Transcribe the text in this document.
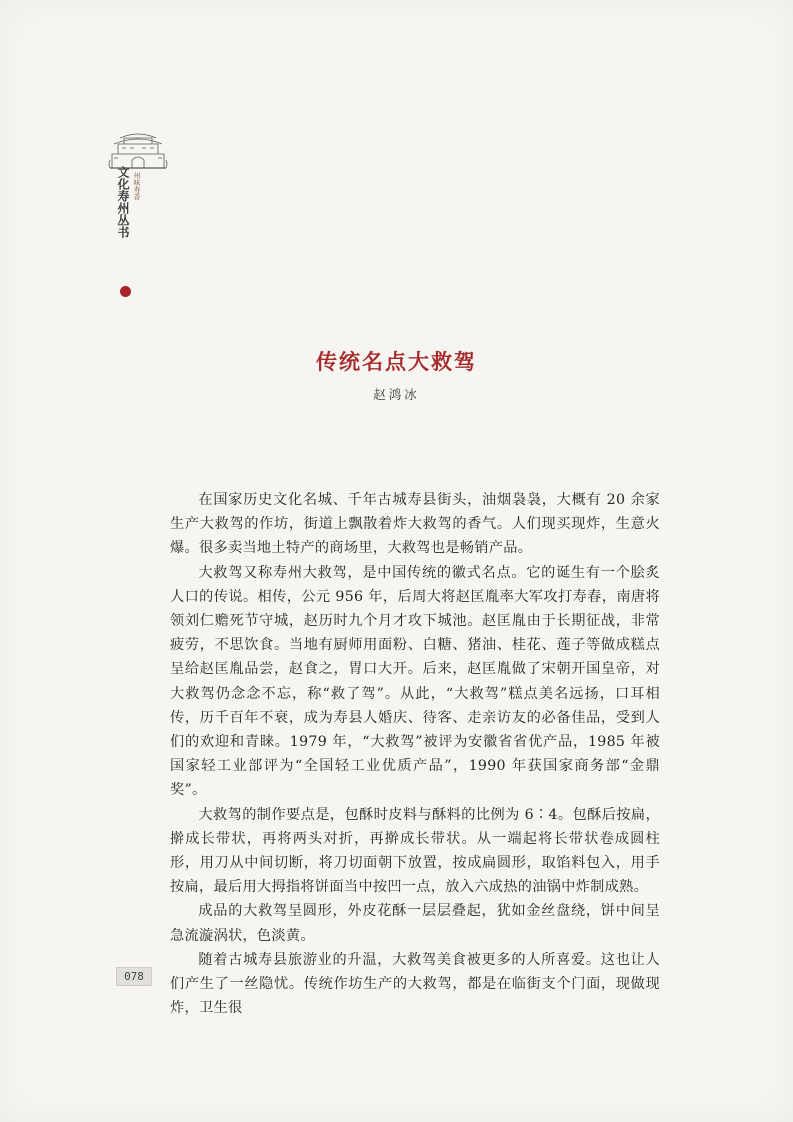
文化寿州丛书 州味寿香
传统名点大救驾
赵鸿冰

在国家历史文化名城、千年古城寿县街头，油烟袅袅，大概有 20 余家生产大救驾的作坊，街道上飘散着炸大救驾的香气。人们现买现炸，生意火爆。很多卖当地土特产的商场里，大救驾也是畅销产品。

大救驾又称寿州大救驾，是中国传统的徽式名点。它的诞生有一个脍炙人口的传说。相传，公元 956 年，后周大将赵匡胤率大军攻打寿春，南唐将领刘仁赡死节守城，赵历时九个月才攻下城池。赵匡胤由于长期征战，非常疲劳，不思饮食。当地有厨师用面粉、白糖、猪油、桂花、莲子等做成糕点呈给赵匡胤品尝，赵食之，胃口大开。后来，赵匡胤做了宋朝开国皇帝，对大救驾仍念念不忘，称“救了驾”。从此，“大救驾”糕点美名远扬，口耳相传，历千百年不衰，成为寿县人婚庆、待客、走亲访友的必备佳品，受到人们的欢迎和青睐。1979 年，“大救驾”被评为安徽省省优产品，1985 年被国家轻工业部评为“全国轻工业优质产品”，1990 年获国家商务部“金鼎奖”。

大救驾的制作要点是，包酥时皮料与酥料的比例为 6∶4。包酥后按扁，擀成长带状，再将两头对折，再擀成长带状。从一端起将长带状卷成圆柱形，用刀从中间切断，将刀切面朝下放置，按成扁圆形，取馅料包入，用手按扁，最后用大拇指将饼面当中按凹一点，放入六成热的油锅中炸制成熟。

成品的大救驾呈圆形，外皮花酥一层层叠起，犹如金丝盘绕，饼中间呈急流漩涡状，色淡黄。

随着古城寿县旅游业的升温，大救驾美食被更多的人所喜爱。这也让人们产生了一丝隐忧。传统作坊生产的大救驾，都是在临街支个门面，现做现炸，卫生很

078
